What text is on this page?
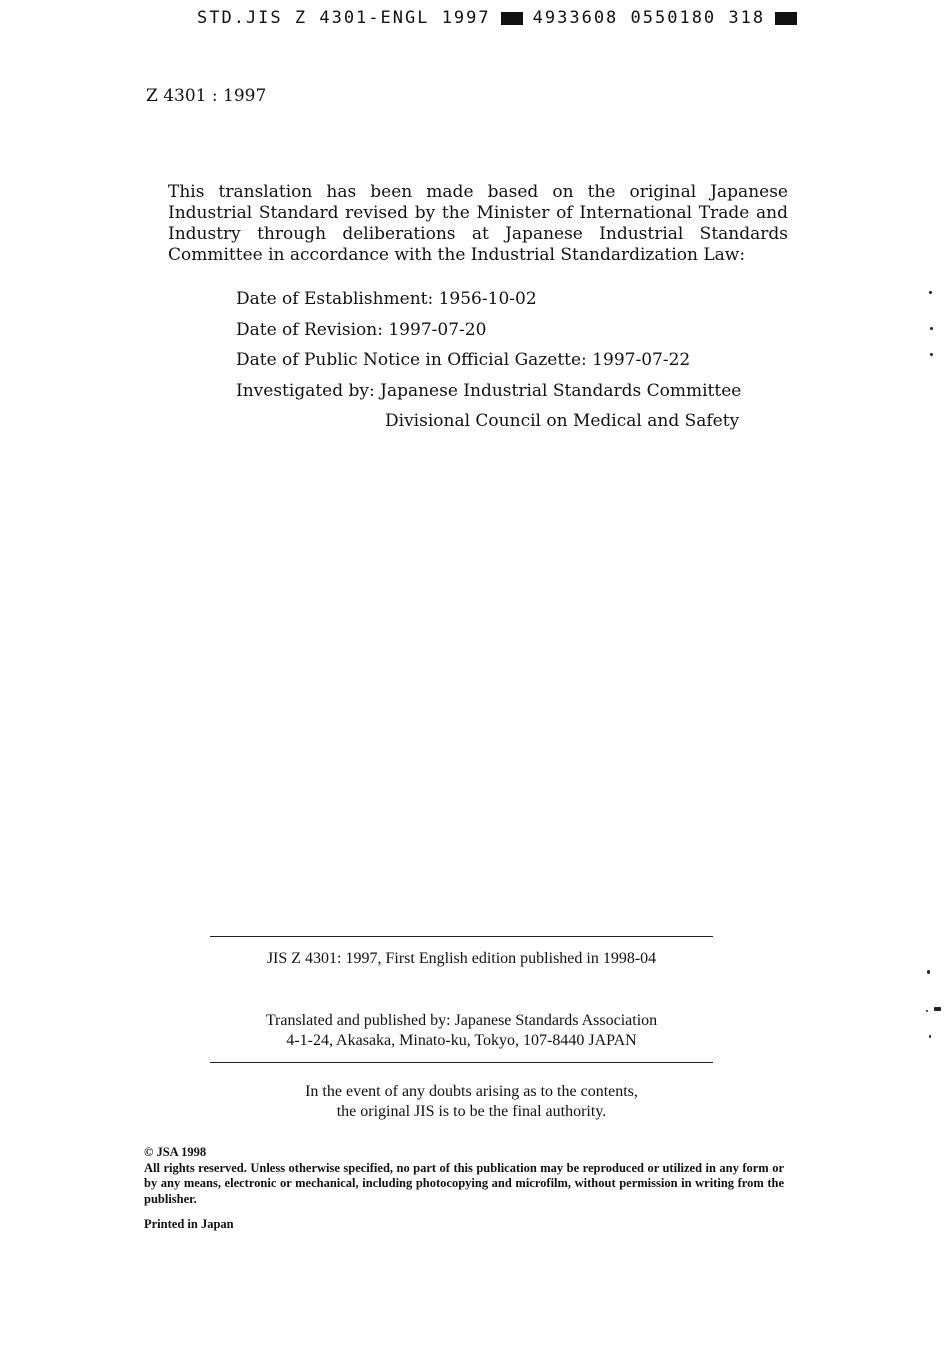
STD.JIS Z 4301-ENGL 1997 4933608 0550180 318
Z 4301 : 1997
This translation has been made based on the original Japanese Industrial Standard revised by the Minister of International Trade and Industry through deliberations at Japanese Industrial Standards Committee in accordance with the Industrial Standardization Law:
Date of Establishment: 1956-10-02
Date of Revision: 1997-07-20
Date of Public Notice in Official Gazette: 1997-07-22
Investigated by: Japanese Industrial Standards Committee
Divisional Council on Medical and Safety
JIS Z 4301: 1997, First English edition published in 1998-04
Translated and published by: Japanese Standards Association
4-1-24, Akasaka, Minato-ku, Tokyo, 107-8440 JAPAN
In the event of any doubts arising as to the contents,
the original JIS is to be the final authority.
© JSA 1998
All rights reserved. Unless otherwise specified, no part of this publication may be reproduced or utilized in any form or by any means, electronic or mechanical, including photocopying and microfilm, without permission in writing from the publisher.
Printed in Japan
